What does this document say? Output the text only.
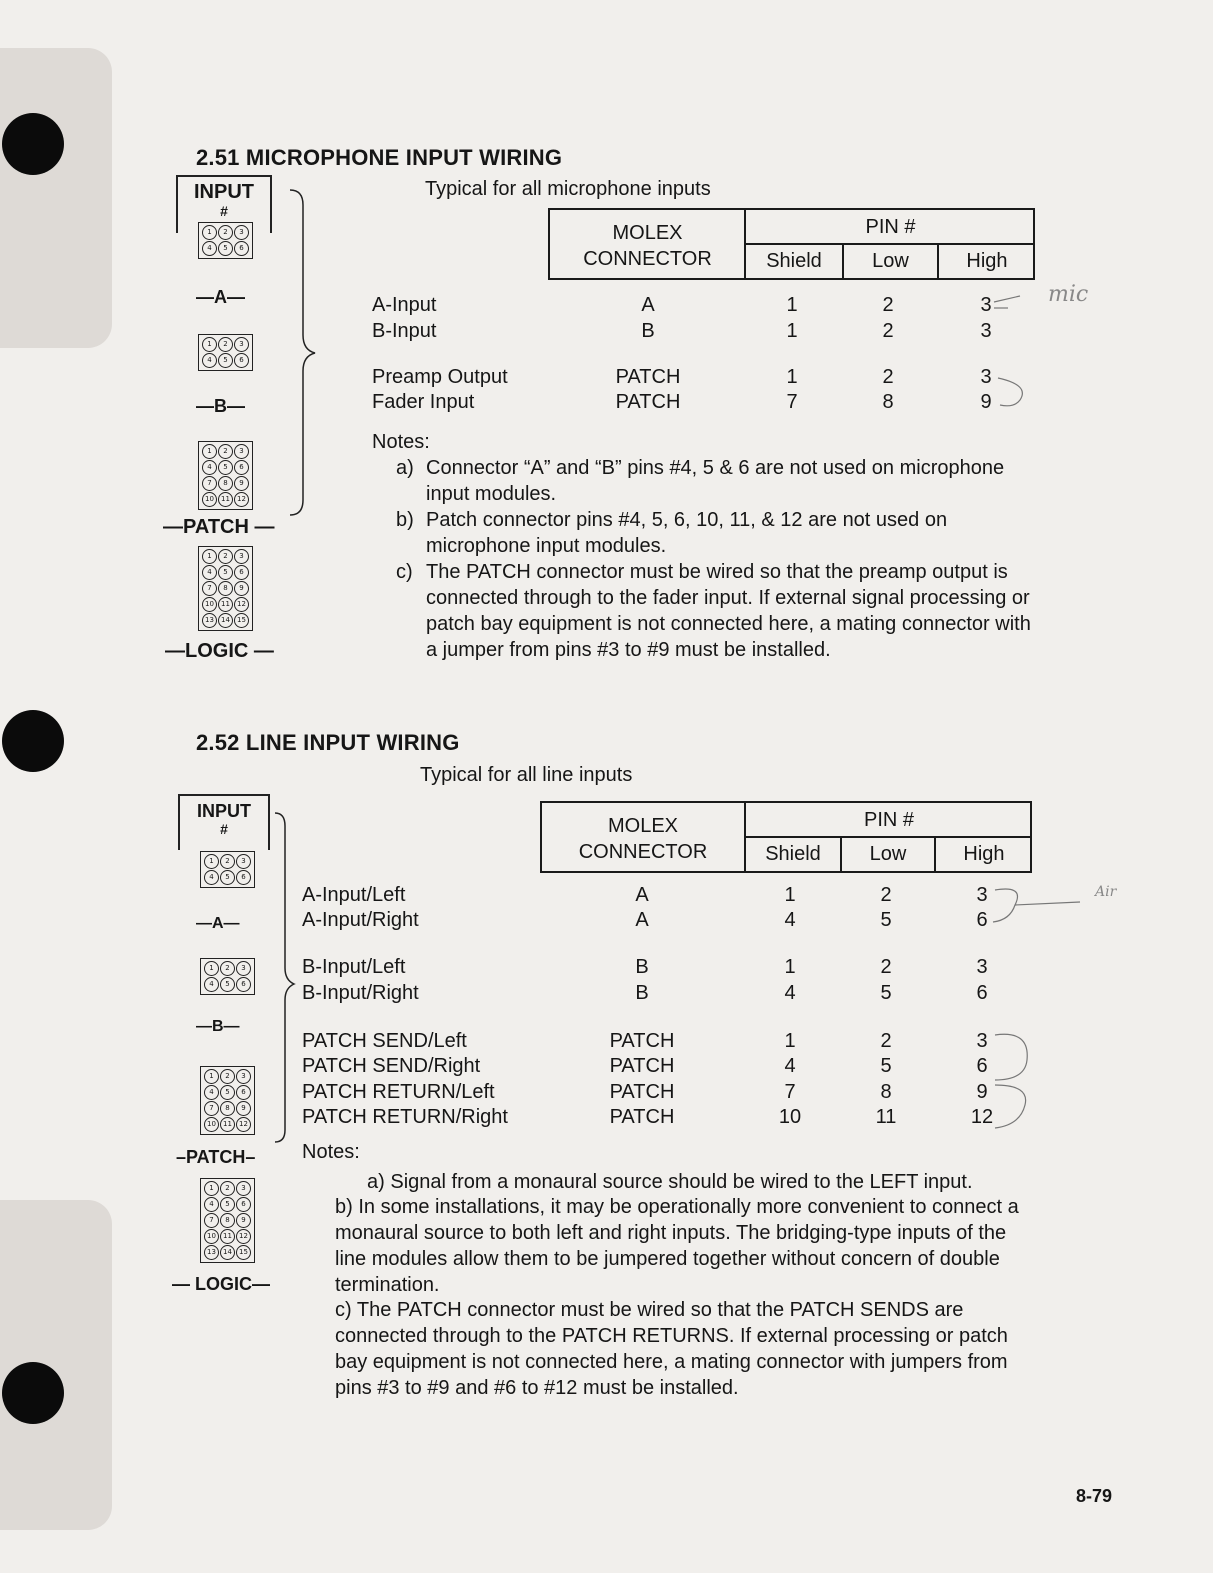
2.51 MICROPHONE INPUT WIRING
Typical for all microphone inputs
INPUT
#
1	2	3
4	5	6
—A—
1	2	3
4	5	6
—B—
1	2	3
4	5	6
7	8	9
10	11	12
—PATCH —
1	2	3
4	5	6
7	8	9
10	11	12
13	14	15
—LOGIC —
MOLEX
CONNECTOR
PIN #
Shield	Low	High
A-Input	A	1	2	3
B-Input	B	1	2	3
Preamp Output	PATCH	1	2	3
Fader Input	PATCH	7	8	9
mic
Notes:
a) Connector “A” and “B” pins #4, 5 & 6 are not used on microphone input modules.
b) Patch connector pins #4, 5, 6, 10, 11, & 12 are not used on microphone input modules.
c) The PATCH connector must be wired so that the preamp output is connected through to the fader input. If external signal processing or patch bay equipment is not connected here, a mating connector with a jumper from pins #3 to #9 must be installed.
2.52 LINE INPUT WIRING
Typical for all line inputs
INPUT
#
1	2	3
4	5	6
—A—
1	2	3
4	5	6
—B—
1	2	3
4	5	6
7	8	9
10	11	12
–PATCH–
1	2	3
4	5	6
7	8	9
10	11	12
13	14	15
— LOGIC—
MOLEX
CONNECTOR
PIN #
Shield	Low	High
A-Input/Left	A	1	2	3
A-Input/Right	A	4	5	6
B-Input/Left	B	1	2	3
B-Input/Right	B	4	5	6
PATCH SEND/Left	PATCH	1	2	3
PATCH SEND/Right	PATCH	4	5	6
PATCH RETURN/Left	PATCH	7	8	9
PATCH RETURN/Right	PATCH	10	11	12
Air
Notes:
a) Signal from a monaural source should be wired to the LEFT input.
b) In some installations, it may be operationally more convenient to connect a monaural source to both left and right inputs. The bridging-type inputs of the line modules allow them to be jumpered together without concern of double termination.
c) The PATCH connector must be wired so that the PATCH SENDS are connected through to the PATCH RETURNS. If external processing or patch bay equipment is not connected here, a mating connector with jumpers from pins #3 to #9 and #6 to #12 must be installed.
8-79
